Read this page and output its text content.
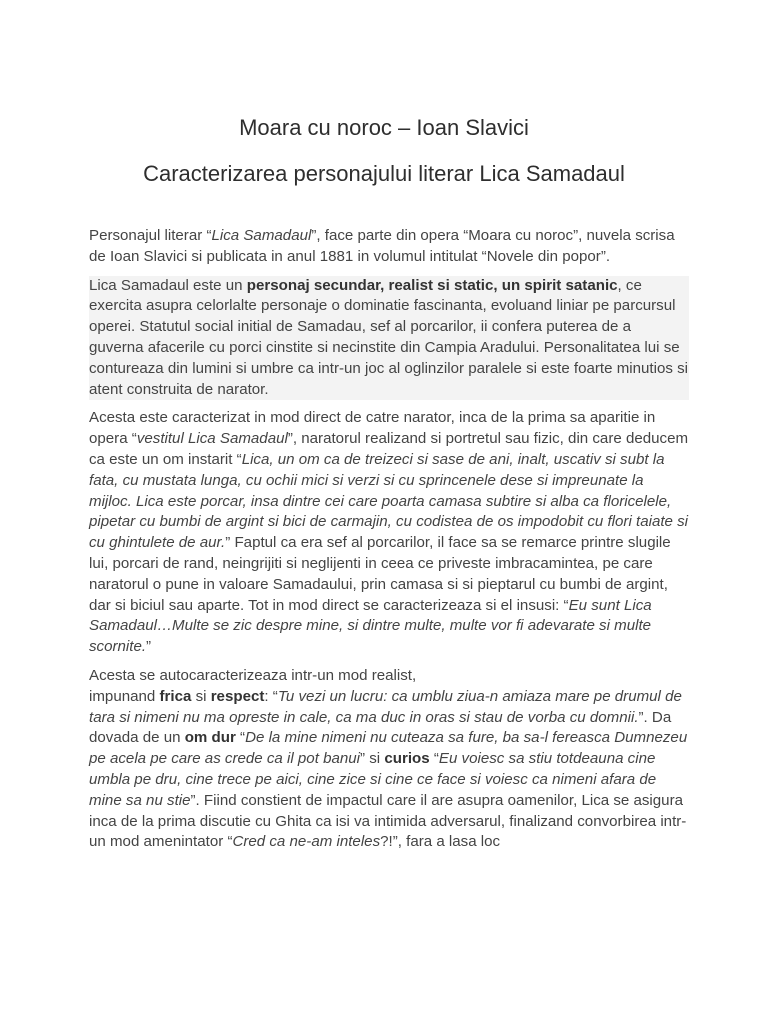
Moara cu noroc – Ioan Slavici
Caracterizarea personajului literar Lica Samadaul

Personajul literar “Lica Samadaul”, face parte din opera “Moara cu noroc”, nuvela scrisa de Ioan Slavici si publicata in anul 1881 in volumul intitulat “Novele din popor”.

Lica Samadaul este un personaj secundar, realist si static, un spirit satanic, ce exercita asupra celorlalte personaje o dominatie fascinanta, evoluand liniar pe parcursul operei. Statutul social initial de Samadau, sef al porcarilor, ii confera puterea de a guverna afacerile cu porci cinstite si necinstite din Campia Aradului. Personalitatea lui se contureaza din lumini si umbre ca intr-un joc al oglinzilor paralele si este foarte minutios si atent construita de narator.

Acesta este caracterizat in mod direct de catre narator, inca de la prima sa aparitie in opera “vestitul Lica Samadaul”, naratorul realizand si portretul sau fizic, din care deducem ca este un om instarit “Lica, un om ca de treizeci si sase de ani, inalt, uscativ si subt la fata, cu mustata lunga, cu ochii mici si verzi si cu sprincenele dese si impreunate la mijloc. Lica este porcar, insa dintre cei care poarta camasa subtire si alba ca floricelele, pipetar cu bumbi de argint si bici de carmajin, cu codistea de os impodobit cu flori taiate si cu ghintulete de aur.” Faptul ca era sef al porcarilor, il face sa se remarce printre slugile lui, porcari de rand, neingrijiti si neglijenti in ceea ce priveste imbracamintea, pe care naratorul o pune in valoare Samadaului, prin camasa si si pieptarul cu bumbi de argint, dar si biciul sau aparte. Tot in mod direct se caracterizeaza si el insusi: “Eu sunt Lica Samadaul…Multe se zic despre mine, si dintre multe, multe vor fi adevarate si multe scornite.”

Acesta se autocaracterizeaza intr-un mod realist,
impunand frica si respect: “Tu vezi un lucru: ca umblu ziua-n amiaza mare pe drumul de tara si nimeni nu ma opreste in cale, ca ma duc in oras si stau de vorba cu domnii.”. Da dovada de un om dur “De la mine nimeni nu cuteaza sa fure, ba sa-l fereasca Dumnezeu pe acela pe care as crede ca il pot banui” si curios “Eu voiesc sa stiu totdeauna cine umbla pe dru, cine trece pe aici, cine zice si cine ce face si voiesc ca nimeni afara de mine sa nu stie”. Fiind constient de impactul care il are asupra oamenilor, Lica se asigura inca de la prima discutie cu Ghita ca isi va intimida adversarul, finalizand convorbirea intr-un mod amenintator “Cred ca ne-am inteles?!”, fara a lasa loc
